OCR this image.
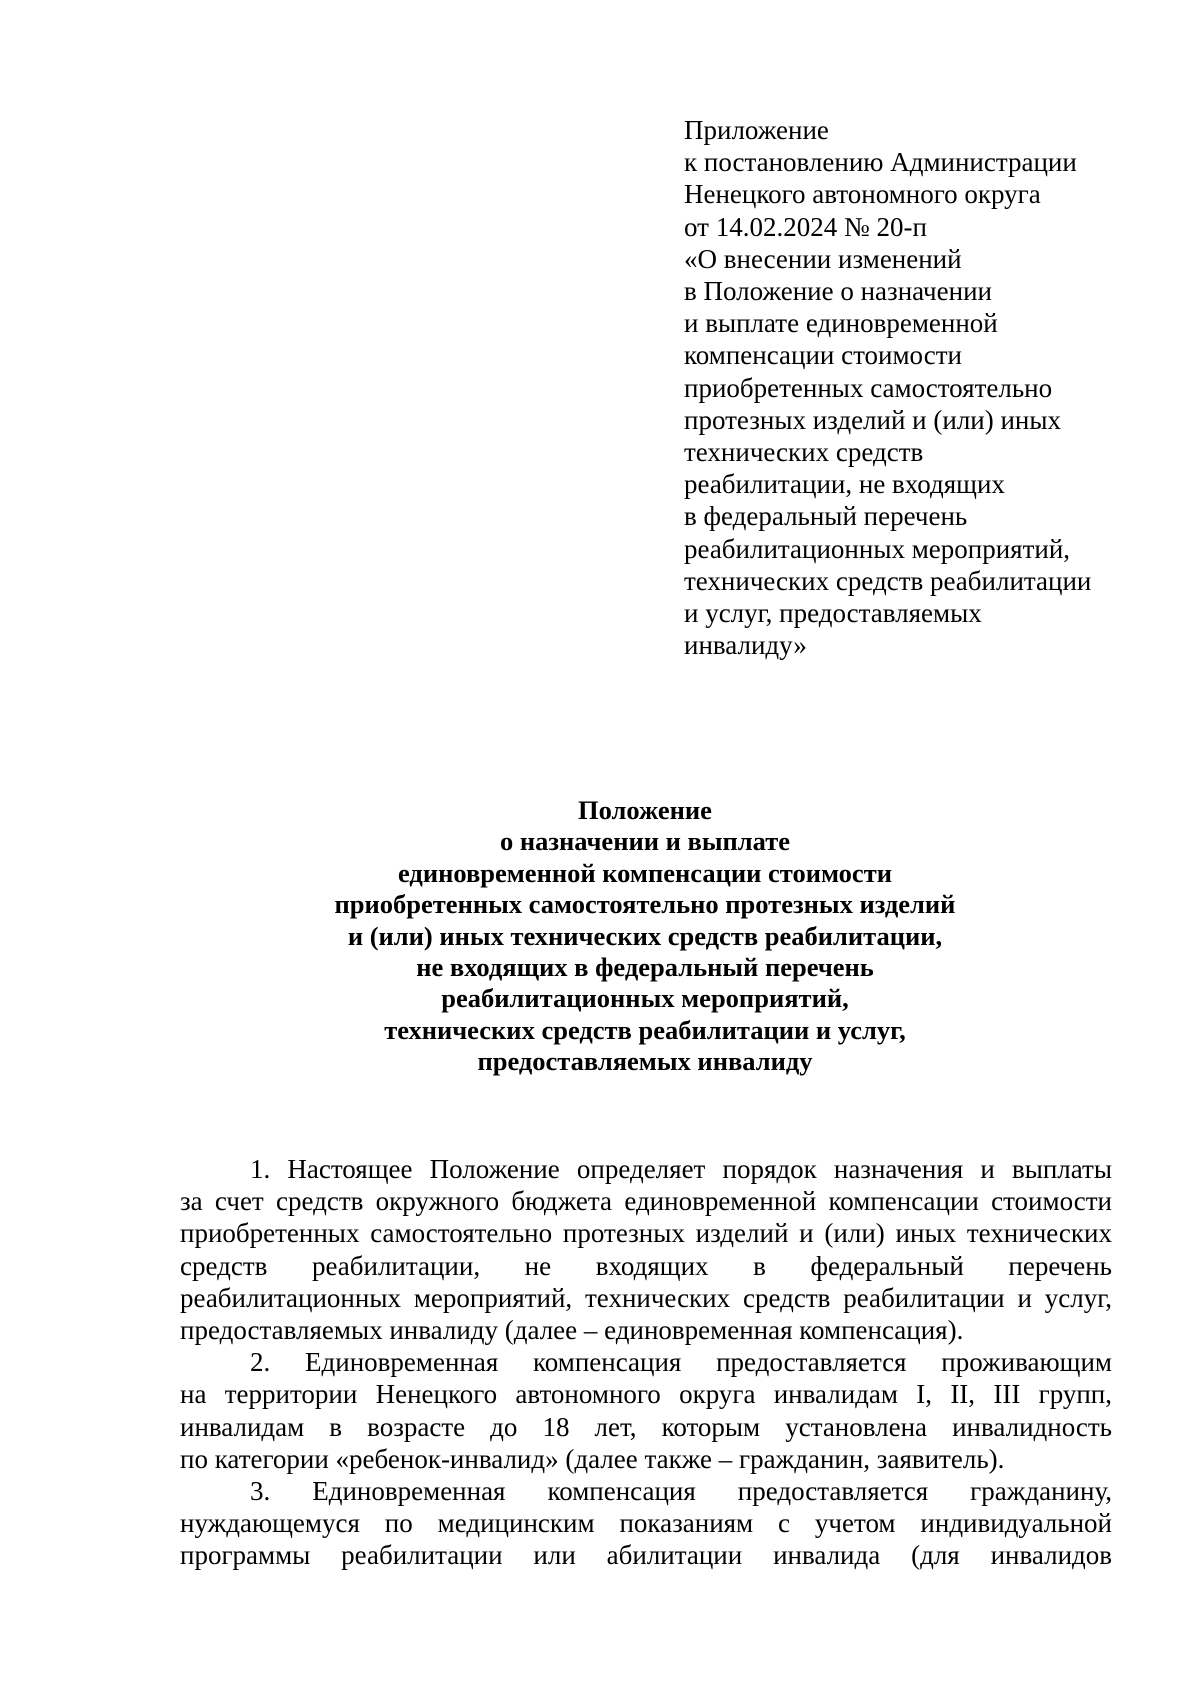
Приложение
к постановлению Администрации
Ненецкого автономного округа
от 14.02.2024 № 20-п
«О внесении изменений
в Положение о назначении
и выплате единовременной
компенсации стоимости
приобретенных самостоятельно
протезных изделий и (или) иных
технических средств
реабилитации, не входящих
в федеральный перечень
реабилитационных мероприятий,
технических средств реабилитации
и услуг, предоставляемых
инвалиду»
Положение
о назначении и выплате
единовременной компенсации стоимости
приобретенных самостоятельно протезных изделий
и (или) иных технических средств реабилитации,
не входящих в федеральный перечень
реабилитационных мероприятий,
технических средств реабилитации и услуг,
предоставляемых инвалиду
1. Настоящее Положение определяет порядок назначения и выплаты
за счет средств окружного бюджета единовременной компенсации стоимости
приобретенных самостоятельно протезных изделий и (или) иных технических
средств реабилитации, не входящих в федеральный перечень
реабилитационных мероприятий, технических средств реабилитации и услуг,
предоставляемых инвалиду (далее – единовременная компенсация).
2. Единовременная компенсация предоставляется проживающим
на территории Ненецкого автономного округа инвалидам I, II, III групп,
инвалидам в возрасте до 18 лет, которым установлена инвалидность
по категории «ребенок-инвалид» (далее также – гражданин, заявитель).
3. Единовременная компенсация предоставляется гражданину,
нуждающемуся по медицинским показаниям с учетом индивидуальной
программы реабилитации или абилитации инвалида (для инвалидов
